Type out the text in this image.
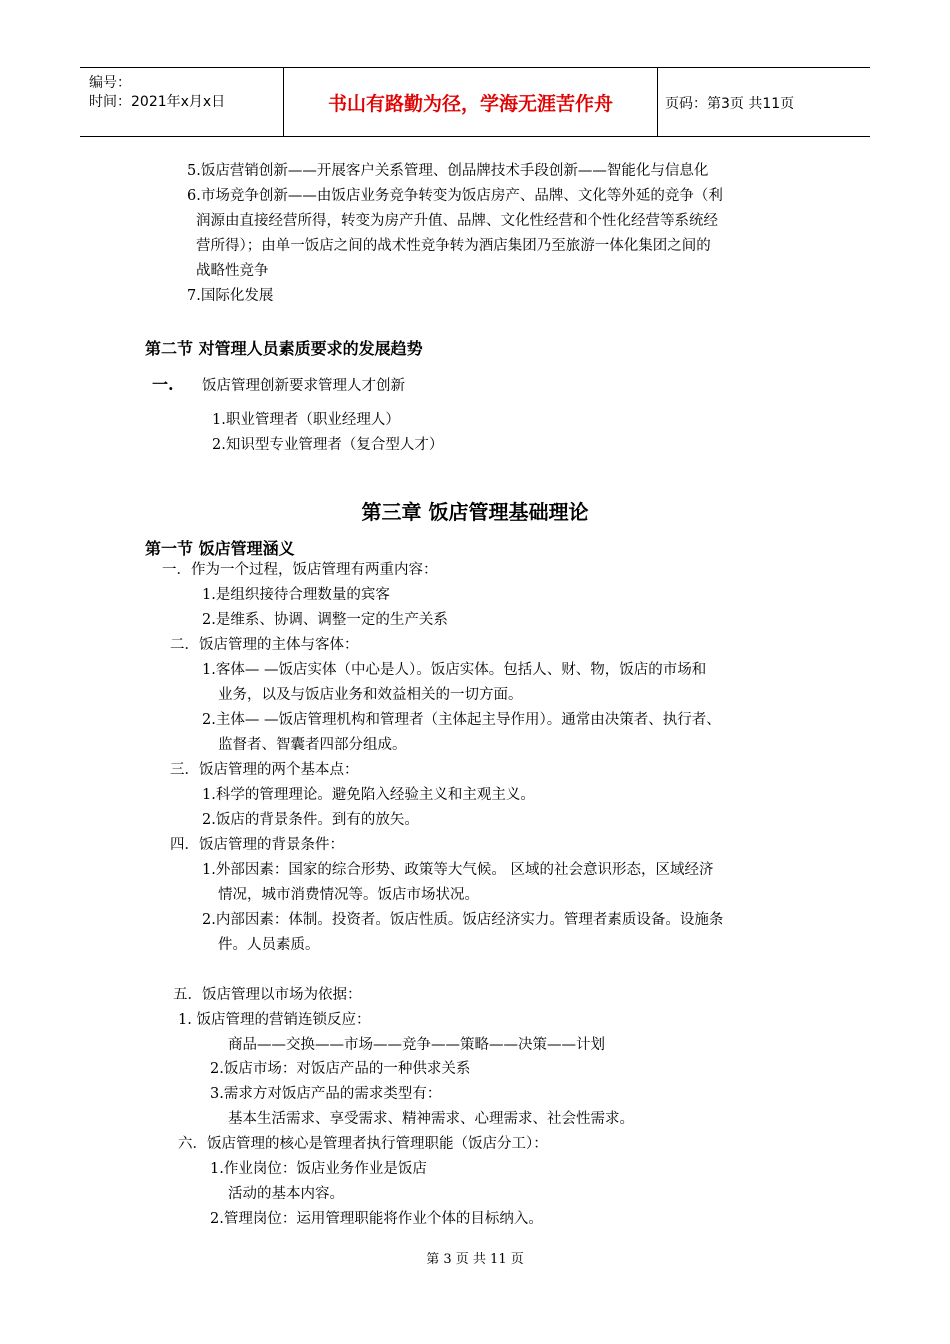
编号：
时间：2021年x月x日	书山有路勤为径，学海无涯苦作舟	页码：第3页 共11页
5.饭店营销创新——开展客户关系管理、创品牌技术手段创新——智能化与信息化
6.市场竞争创新——由饭店业务竞争转变为饭店房产、品牌、文化等外延的竞争（利
润源由直接经营所得，转变为房产升值、品牌、文化性经营和个性化经营等系统经
营所得）；由单一饭店之间的战术性竞争转为酒店集团乃至旅游一体化集团之间的
战略性竞争
7.国际化发展
第二节 对管理人员素质要求的发展趋势
一. 饭店管理创新要求管理人才创新
1.职业管理者（职业经理人）
2.知识型专业管理者（复合型人才）
第三章 饭店管理基础理论
第一节 饭店管理涵义
一．作为一个过程，饭店管理有两重内容：
1.是组织接待合理数量的宾客
2.是维系、协调、调整一定的生产关系
二．饭店管理的主体与客体：
1.客体— —饭店实体（中心是人）。饭店实体。包括人、财、物，饭店的市场和
业务，以及与饭店业务和效益相关的一切方面。
2.主体— —饭店管理机构和管理者（主体起主导作用）。通常由决策者、执行者、
监督者、智囊者四部分组成。
三．饭店管理的两个基本点：
1.科学的管理理论。避免陷入经验主义和主观主义。
2.饭店的背景条件。到有的放矢。
四．饭店管理的背景条件：
1.外部因素：国家的综合形势、政策等大气候。 区域的社会意识形态，区域经济
情况，城市消费情况等。饭店市场状况。
2.内部因素：体制。投资者。饭店性质。饭店经济实力。管理者素质设备。设施条
件。人员素质。
五．饭店管理以市场为依据：
1. 饭店管理的营销连锁反应：
商品——交换——市场——竞争——策略——决策——计划
2.饭店市场：对饭店产品的一种供求关系
3.需求方对饭店产品的需求类型有：
基本生活需求、享受需求、精神需求、心理需求、社会性需求。
六．饭店管理的核心是管理者执行管理职能（饭店分工）：
1.作业岗位：饭店业务作业是饭店
活动的基本内容。
2.管理岗位：运用管理职能将作业个体的目标纳入。
第 3 页 共 11 页
